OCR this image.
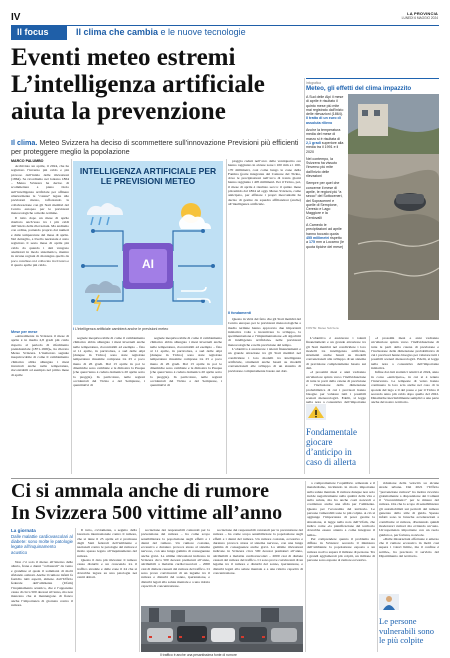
IV	LA PROVINCIA
LUNEDÌ 6 MAGGIO 2024
Il focus	Il clima che cambia e le nuove tecnologie
Eventi meteo estremi
L’intelligenza artificiale
aiuta la prevenzione
Il clima. Meteo Svizzera ha deciso di scommettere sull’innovazione Previsioni più efficienti per proteggere meglio la popolazione
MARCO PALUMBO

Archiviato un aprile, il 2024, che ha registrato l’inverno più caldo e più piovoso dall’inizio delle rilevazioni (1864). Se ricordiamo nel lontano 1864 – Meteo Svizzera ha deciso di scommettere a pieno titolo sull’intelligenza artificiale per affinare ulteriormente le “catene” legate alle previsioni meteo, rafforzando la collaborazione con gli Stati membri del Centro europeo per le previsioni meteorologiche a medio termine.

Il tutto dopo un mese di aprile risultato anch’esso tra i più caldi dall’inizio delle rilevazioni. Ma andiamo con ordine, partendo proprio dai numeri e dalle temperature del mese di aprile. Nel dettaglio, a livello nazionale è stato registrato il sesto mese di aprile più caldo da quando i dati vengono analizzati in modo sistematico, mentre in alcune regioni di montagna quello da poco concluso si è collocato tra il terzo e il quarto aprile più caldo.

Mese per mese

«Attualmente in Svizzera il mese di aprile è in media 2,8 gradi più caldo rispetto al periodo di riferimento preindustriale (1871-1900)», ha rilevato Meteo Svizzera. L’inalterato segnale inequivocabile di come il cambiamento climatico abbia allungato i mesi invernali anche nelle temperature, riscontrabili ad esempio nel primo mese di aprile

INTELLIGENZA ARTIFICIALE PER LE PREVISIONI METEO
AI
I L’intelligenza artificiale cambierà anche le previsioni meteo

segnale inequivocabile di come il cambiamento climatico abbia allungato i mesi invernali anche nelle temperature, riscontrabili ad esempio – fino al 11 aprile, in particolare, a sud delle Alpi (dunque in Ticino) sono state registrate temperature massime comprese tra 25 e poco meno di 26 gradi. Dal 13 aprile in poi le dinamiche sono cambiate e le dimostra la Pasqua (che quest’anno è caduta domenica 20 aprile sotto la pioggia). In particolare, nelle regioni occidentali del Ticino e del Sempione, i quantitativi di

segnale inequivocabile di come il cambiamento climatico abbia allungato i mesi invernali anche nelle temperature, riscontrabili ad esempio – fino al 11 aprile, in particolare, a sud delle Alpi (dunque in Ticino) sono state registrate temperature massime comprese tra 25 e poco meno di 26 gradi. Dal 13 aprile in poi le dinamiche sono cambiate e le dimostra la Pasqua (che quest’anno è caduta domenica 20 aprile sotto la pioggia). In particolare, nelle regioni occidentali del Ticino e del Sempione, i quantitativi di

pioggia caduti nell’arco delle ventiquattro ore hanno raggiunto in alcune zone i 100 mm e i 160-170 millimetri, così come lungo le zone della Fantina (parte integrante del Cantone del Ticino, dove le precipitazioni nell’arco di trenta giorni hanno raggiunto i 405 millimetri. Per il Ticino, poi, il mese di aprile è risultato secco: il quinto mese più umido dal 1864 ad oggi. Meteo Svizzera, come anticipato, per affinare i propri meccanismi ha deciso di gestire da squadra affiliandosi (anche) all’intelligenza artificiale.

Il fondamenti

Questo in virtù del fatto che gli Stati membri del Centro europeo per le previsioni meteorologiche a medio termine hanno approvato due importanti iniziative volte a incentivare lo sviluppo, la sperimentazione e l’implementazione «di algoritmi di intelligenza artificiale» nelle previsioni meteorologiche e nella previsione del tempo.

L’obiettivo è assicurare i talenti finanziamenti e un grande attrazione tra gli Stati membri nel condividere i loro modelli tra intelligenza artificiale, strumenti anche basati su modelli convenzionali alle sviluppo di un sistema di previsione completamente basato sui dati.

L’obiettivo è assicurare i talenti finanziamenti e un grande attrazione tra gli Stati membri nel condividere i loro modelli tra intelligenza artificiale, strumenti anche basati su modelli convenzionali alle sviluppo di un sistema di previsione completamente basato sui dati.

«I prossimi mesi e anni vedranno un’ulteriore spinta verso l’individuazione di tutte le parti della catena di previsione e l’inclusione della dimensione probabilistica di cui i previsori hanno bisogno per valutare tutti i possibili scenari meteorologici. Edelit, si legge nella nota a consuntivo dell’importante

Fondamentale giocare d’anticipo in caso di allerta

«I prossimi mesi e anni vedranno un’ulteriore spinta verso l’individuazione di tutte le parti della catena di previsione e l’inclusione della dimensione probabilistica di cui i previsori hanno bisogno per valutare tutti i possibili scenari meteorologici. Edelit, si legge nella nota a consuntivo dell’importante iniziativa.

Infine dai dati statistici relativi al 2024, anno in corso «anticipato», in cui si è tenuto l’intervento. Le tempeste di vento hanno continuato la loro scia anche nel caso di la sponda del lago e il del passo e per il Ticino il secondo anno più caldo dopo quello del 2022. Dinamiche inevitabilmente semplici a una parte anche del nostro territorio.

Infografica
Meteo, gli effetti del clima impazzito
A Sud delle Alpi il mese di aprile è risultato il quinto mese più mite mai registrato dall’inizio delle rilevazioni (1864). Il tratto di un euro di assoluta rilievo
Anche la temperatura media del mese di marzo si è risultata di 2,1 gradi superiore alla media tra il 1991 e il 2020
Nel contempo, la Svizzera ha vissuto l’inverno più mite dall’inizio delle rilevazioni
Sempre per quel che concerne il mese di aprile, le regioni più “a secco” del Sottoceneri, del Sopraceneri e quelle di Sempione, Ceresio e Lago Maggiore e la Centovalli
A Camedo le precipitazioni ad aprile hanno toccato quota 455 millimetri rispetto a 175 mm a Locarno (le quota tipiche del mese)
FONTE: Meteo Svizzera
Ci si ammala anche di rumore
In Svizzera 500 vittime all’anno
La giornata
Dalle malattie cardiovascolari al diabete: sono molte le patologie legate all’inquinamento acustico

Non c’è solo il meteo all’interno delle allerta, frane e danni “collaterali” da vento e grandine al quale il sommarsi di molti sfidando ostinati. Anche il rumore infatti fa fastidio tutti aspetti, almeno dall’Ufficio federale dell’ambiente (Ufam) l’inquinamento acustico, che è l’apparente causa di circa 500 decessi all’anno, ma non mancano che si mantengono di fianco anche l’importanza di giornata contro il rumore.

Il tutto, ovviamente, a seguito della Giornata internazionale contro il rumore, che si tiene il 25 aprile ed è promossa dagli Stati federali dell’ambiente e nazionali contro le patologie del rumore è molto spesso legato all’inquinamento del rumore.

Questo il dato più rilevante: il rumore causa disturbi e un crescendo tra il traffico stradale e dalle zone il 24 che si dovrebbe legare su una patologie nei centri abitati.

sociazione dei responsabili cantonali per la prevenzione del rumore – ha come scopo sensibilizzare la popolazione sugli effetti e i danni del rumore. Un rumore costante, eccessivo e duraturo provoca stress al sistema nervoso, con una lunga gamma di conseguenze anche gravi. La ultime rilevazioni indicano in Svizzera circa 500 decessi prematuri all’anno, attribuibili a malattie cardiovascolari – 2000 casi di diabete causati dal rumore del traffico. Ci sono prove convincenti di un legame tra il rumore e disturbi del sonno, ipertensione, e disturbi legati alla salute mentale e a una ridotta capacità di concentrazione.

sociazione dei responsabili cantonali per la prevenzione del rumore – ha come scopo sensibilizzare la popolazione sugli effetti e i danni del rumore. Un rumore costante, eccessivo e duraturo provoca stress al sistema nervoso, con una lunga gamma di conseguenze anche gravi. La ultime rilevazioni indicano in Svizzera circa 500 decessi prematuri all’anno, attribuibili a malattie cardiovascolari – 2000 casi di diabete causati dal rumore del traffico. Ci sono prove convincenti di un legame tra il rumore e disturbi del sonno, ipertensione, e disturbi legati alla salute mentale e a una ridotta capacità di concentrazione.

Il traffico è anche una pesantissima fonte di rumore

a compromettere l’equilibrio ormonale e il metabolismo, incidendo in modo importante sulla salute mentale. Il rumore dunque non solo incide negativamente sulla qualità della vita e sulla salute, ma ha anche costi notevoli e costituisce anche una sfida per l’ambiente. Questo per l’economia del territorio. Le persone vulnerabili sono le più colpite. A ciò si aggiunge l’importanza di poter gestire la situazione, si legge nella nota dell’Ufam, che indica come «la pianificazione del territorio dovrebbe essere attenta a come integrare il tema».

Per comprendere quanto il problema sia diffuso in Svizzera: secondo il ministero dell’ambiente la popolazione esposta a un rumore nocivo supera il milione di persone. Tra i grandi agglomerati più colpiti, un milione di persone sono esposte al rumore eccessivo.

riduzione della velocità su alcune strade urbane. Dal 2021 l’Ufficio “prevenzione rumore” ha inoltre ricevuto gratuitamente a disposizione dei Comuni il “riscontrimetro” per le misure del rumore. Ora che lo scopo di sensibilizzare gli automobilisti sui pericoli del rumore generato dallo stile di guida. Spesso infatti sono le brusche accelerazioni a contribuire al rumore, diventando quindi moderatori rumori ma evitando un’auto. Un’esperienza importante con un ruolo guidato e, per fortuna, notevole.

«Dalle misurazioni effettuate è emerso che il rumore eccessivo in molti casi supera i valori limite, ma il confine è sottile», ha precisato il servizio del Dipartimento del territorio.

Le persone vulnerabili sono le più colpite
